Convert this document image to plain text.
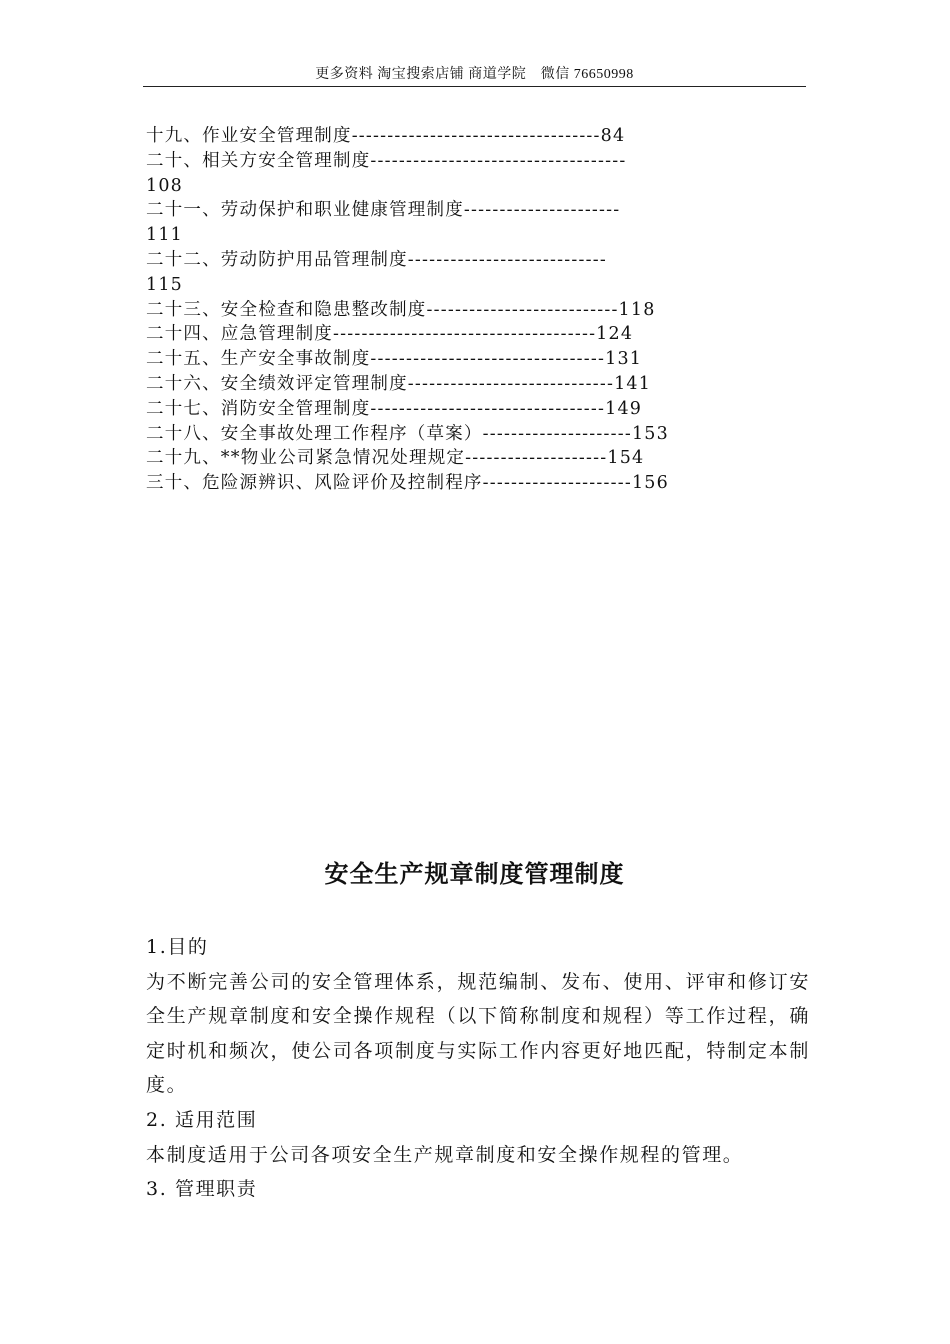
更多资料 淘宝搜索店铺 商道学院　微信 76650998
十九、作业安全管理制度-----------------------------------84
二十、相关方安全管理制度------------------------------------
108
二十一、劳动保护和职业健康管理制度----------------------
111
二十二、劳动防护用品管理制度----------------------------
115
二十三、安全检查和隐患整改制度---------------------------118
二十四、应急管理制度-------------------------------------124
二十五、生产安全事故制度---------------------------------131
二十六、安全绩效评定管理制度-----------------------------141
二十七、消防安全管理制度---------------------------------149
二十八、安全事故处理工作程序（草案）---------------------153
二十九、**物业公司紧急情况处理规定--------------------154
三十、危险源辨识、风险评价及控制程序---------------------156
安全生产规章制度管理制度
1.目的
为不断完善公司的安全管理体系，规范编制、发布、使用、评审和修订安全生产规章制度和安全操作规程（以下简称制度和规程）等工作过程，确定时机和频次，使公司各项制度与实际工作内容更好地匹配，特制定本制度。
2. 适用范围
本制度适用于公司各项安全生产规章制度和安全操作规程的管理。
3. 管理职责
